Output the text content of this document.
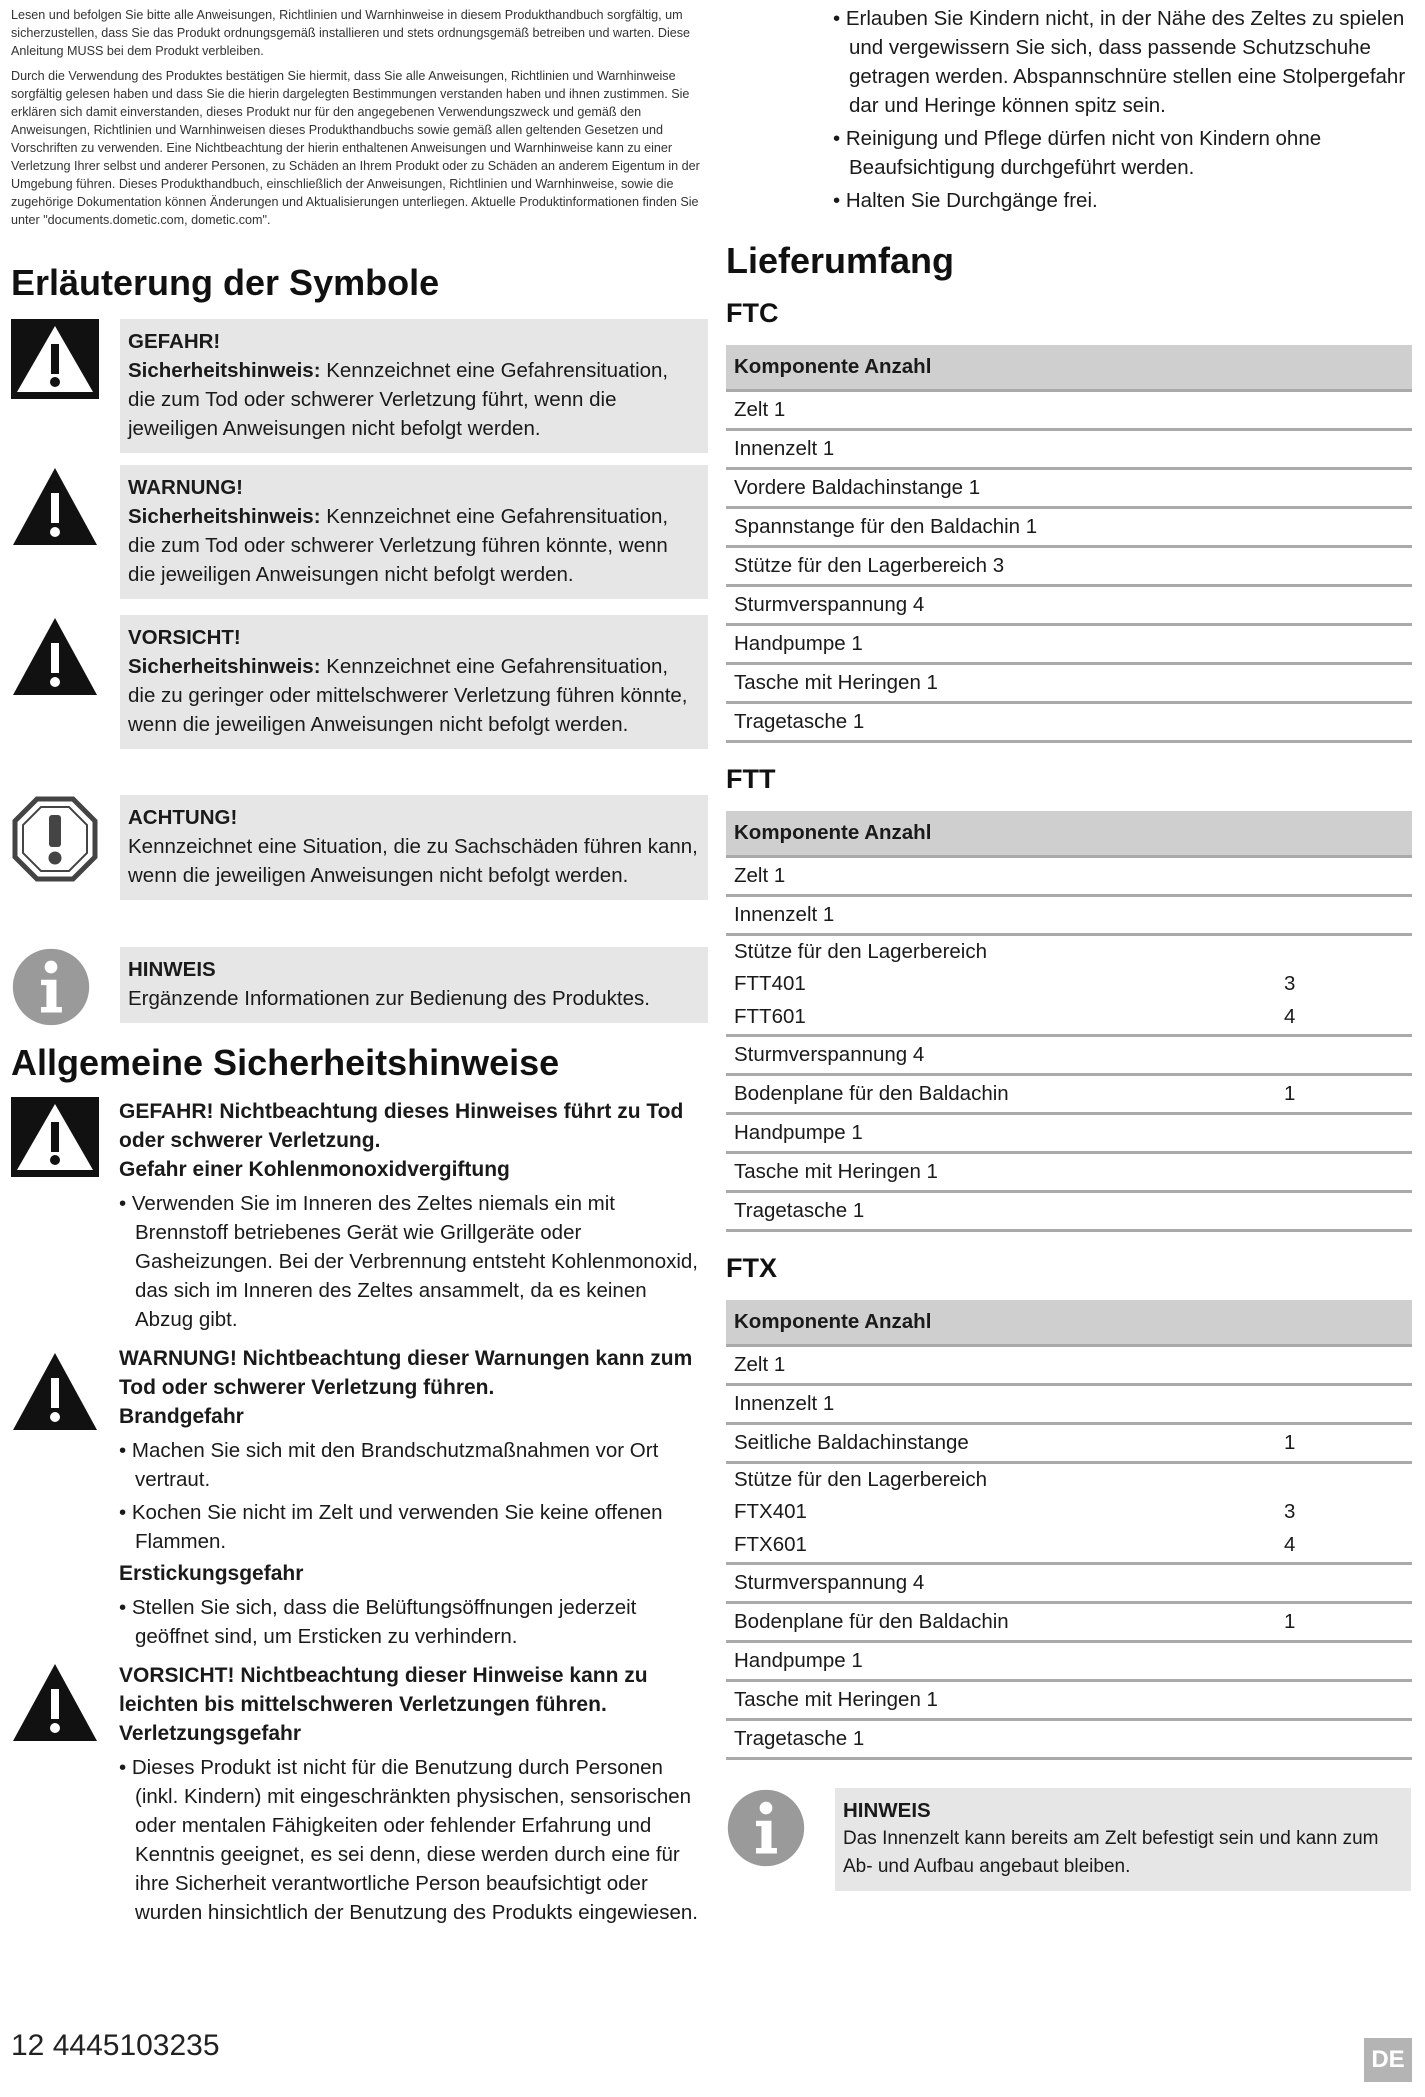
Lesen und befolgen Sie bitte alle Anweisungen, Richtlinien und Warnhinweise in diesem Produkthandbuch sorgfältig, um sicherzustellen, dass Sie das Produkt ordnungsgemäß installieren und stets ordnungsgemäß betreiben und warten. Diese Anleitung MUSS bei dem Produkt verbleiben.

Durch die Verwendung des Produktes bestätigen Sie hiermit, dass Sie alle Anweisungen, Richtlinien und Warnhinweise sorgfältig gelesen haben und dass Sie die hierin dargelegten Bestimmungen verstanden haben und ihnen zustimmen. Sie erklären sich damit einverstanden, dieses Produkt nur für den angegebenen Verwendungszweck und gemäß den Anweisungen, Richtlinien und Warnhinweisen dieses Produkthandbuchs sowie gemäß allen geltenden Gesetzen und Vorschriften zu verwenden. Eine Nichtbeachtung der hierin enthaltenen Anweisungen und Warnhinweise kann zu einer Verletzung Ihrer selbst und anderer Personen, zu Schäden an Ihrem Produkt oder zu Schäden an anderem Eigentum in der Umgebung führen. Dieses Produkthandbuch, einschließlich der Anweisungen, Richtlinien und Warnhinweise, sowie die zugehörige Dokumentation können Änderungen und Aktualisierungen unterliegen. Aktuelle Produktinformationen finden Sie unter "documents.dometic.com, dometic.com".

Erläuterung der Symbole
GEFAHR!
Sicherheitshinweis: Kennzeichnet eine Gefahrensituation, die zum Tod oder schwerer Verletzung führt, wenn die jeweiligen Anweisungen nicht befolgt werden.
WARNUNG!
Sicherheitshinweis: Kennzeichnet eine Gefahrensituation, die zum Tod oder schwerer Verletzung führen könnte, wenn die jeweiligen Anweisungen nicht befolgt werden.
VORSICHT!
Sicherheitshinweis: Kennzeichnet eine Gefahrensituation, die zu geringer oder mittelschwerer Verletzung führen könnte, wenn die jeweiligen Anweisungen nicht befolgt werden.
ACHTUNG!
Kennzeichnet eine Situation, die zu Sachschäden führen kann, wenn die jeweiligen Anweisungen nicht befolgt werden.
HINWEIS
Ergänzende Informationen zur Bedienung des Produktes.
Allgemeine Sicherheitshinweise
GEFAHR! Nichtbeachtung dieses Hinweises führt zu Tod oder schwerer Verletzung.
Gefahr einer Kohlenmonoxidvergiftung
• Verwenden Sie im Inneren des Zeltes niemals ein mit Brennstoff betriebenes Gerät wie Grillgeräte oder Gasheizungen. Bei der Verbrennung entsteht Kohlenmonoxid, das sich im Inneren des Zeltes ansammelt, da es keinen Abzug gibt.
WARNUNG! Nichtbeachtung dieser Warnungen kann zum Tod oder schwerer Verletzung führen.
Brandgefahr
• Machen Sie sich mit den Brandschutzmaßnahmen vor Ort vertraut.
• Kochen Sie nicht im Zelt und verwenden Sie keine offenen Flammen.
Erstickungsgefahr
• Stellen Sie sich, dass die Belüftungsöffnungen jederzeit geöffnet sind, um Ersticken zu verhindern.
VORSICHT! Nichtbeachtung dieser Hinweise kann zu leichten bis mittelschweren Verletzungen führen.
Verletzungsgefahr
• Dieses Produkt ist nicht für die Benutzung durch Personen (inkl. Kindern) mit eingeschränkten physischen, sensorischen oder mentalen Fähigkeiten oder fehlender Erfahrung und Kenntnis geeignet, es sei denn, diese werden durch eine für ihre Sicherheit verantwortliche Person beaufsichtigt oder wurden hinsichtlich der Benutzung des Produkts eingewiesen.
• Erlauben Sie Kindern nicht, in der Nähe des Zeltes zu spielen und vergewissern Sie sich, dass passende Schutzschuhe getragen werden. Abspannschnüre stellen eine Stolpergefahr dar und Heringe können spitz sein.
• Reinigung und Pflege dürfen nicht von Kindern ohne Beaufsichtigung durchgeführt werden.
• Halten Sie Durchgänge frei.
Lieferumfang
FTC
Komponente Anzahl
Zelt 1
Innenzelt 1
Vordere Baldachinstange 1
Spannstange für den Baldachin 1
Stütze für den Lagerbereich 3
Sturmverspannung 4
Handpumpe 1
Tasche mit Heringen 1
Tragetasche 1
FTT
Komponente Anzahl	
Zelt 1	
Innenzelt 1	
Stütze für den Lagerbereich	
FTT401	3
FTT601	4
Sturmverspannung 4	
Bodenplane für den Baldachin	1
Handpumpe 1	
Tasche mit Heringen 1	
Tragetasche 1	
FTX
Komponente Anzahl	
Zelt 1	
Innenzelt 1	
Seitliche Baldachinstange	1
Stütze für den Lagerbereich	
FTX401	3
FTX601	4
Sturmverspannung 4	
Bodenplane für den Baldachin	1
Handpumpe 1	
Tasche mit Heringen 1	
Tragetasche 1	
HINWEIS
Das Innenzelt kann bereits am Zelt befestigt sein und kann zum Ab- und Aufbau angebaut bleiben.
12 4445103235	DE
